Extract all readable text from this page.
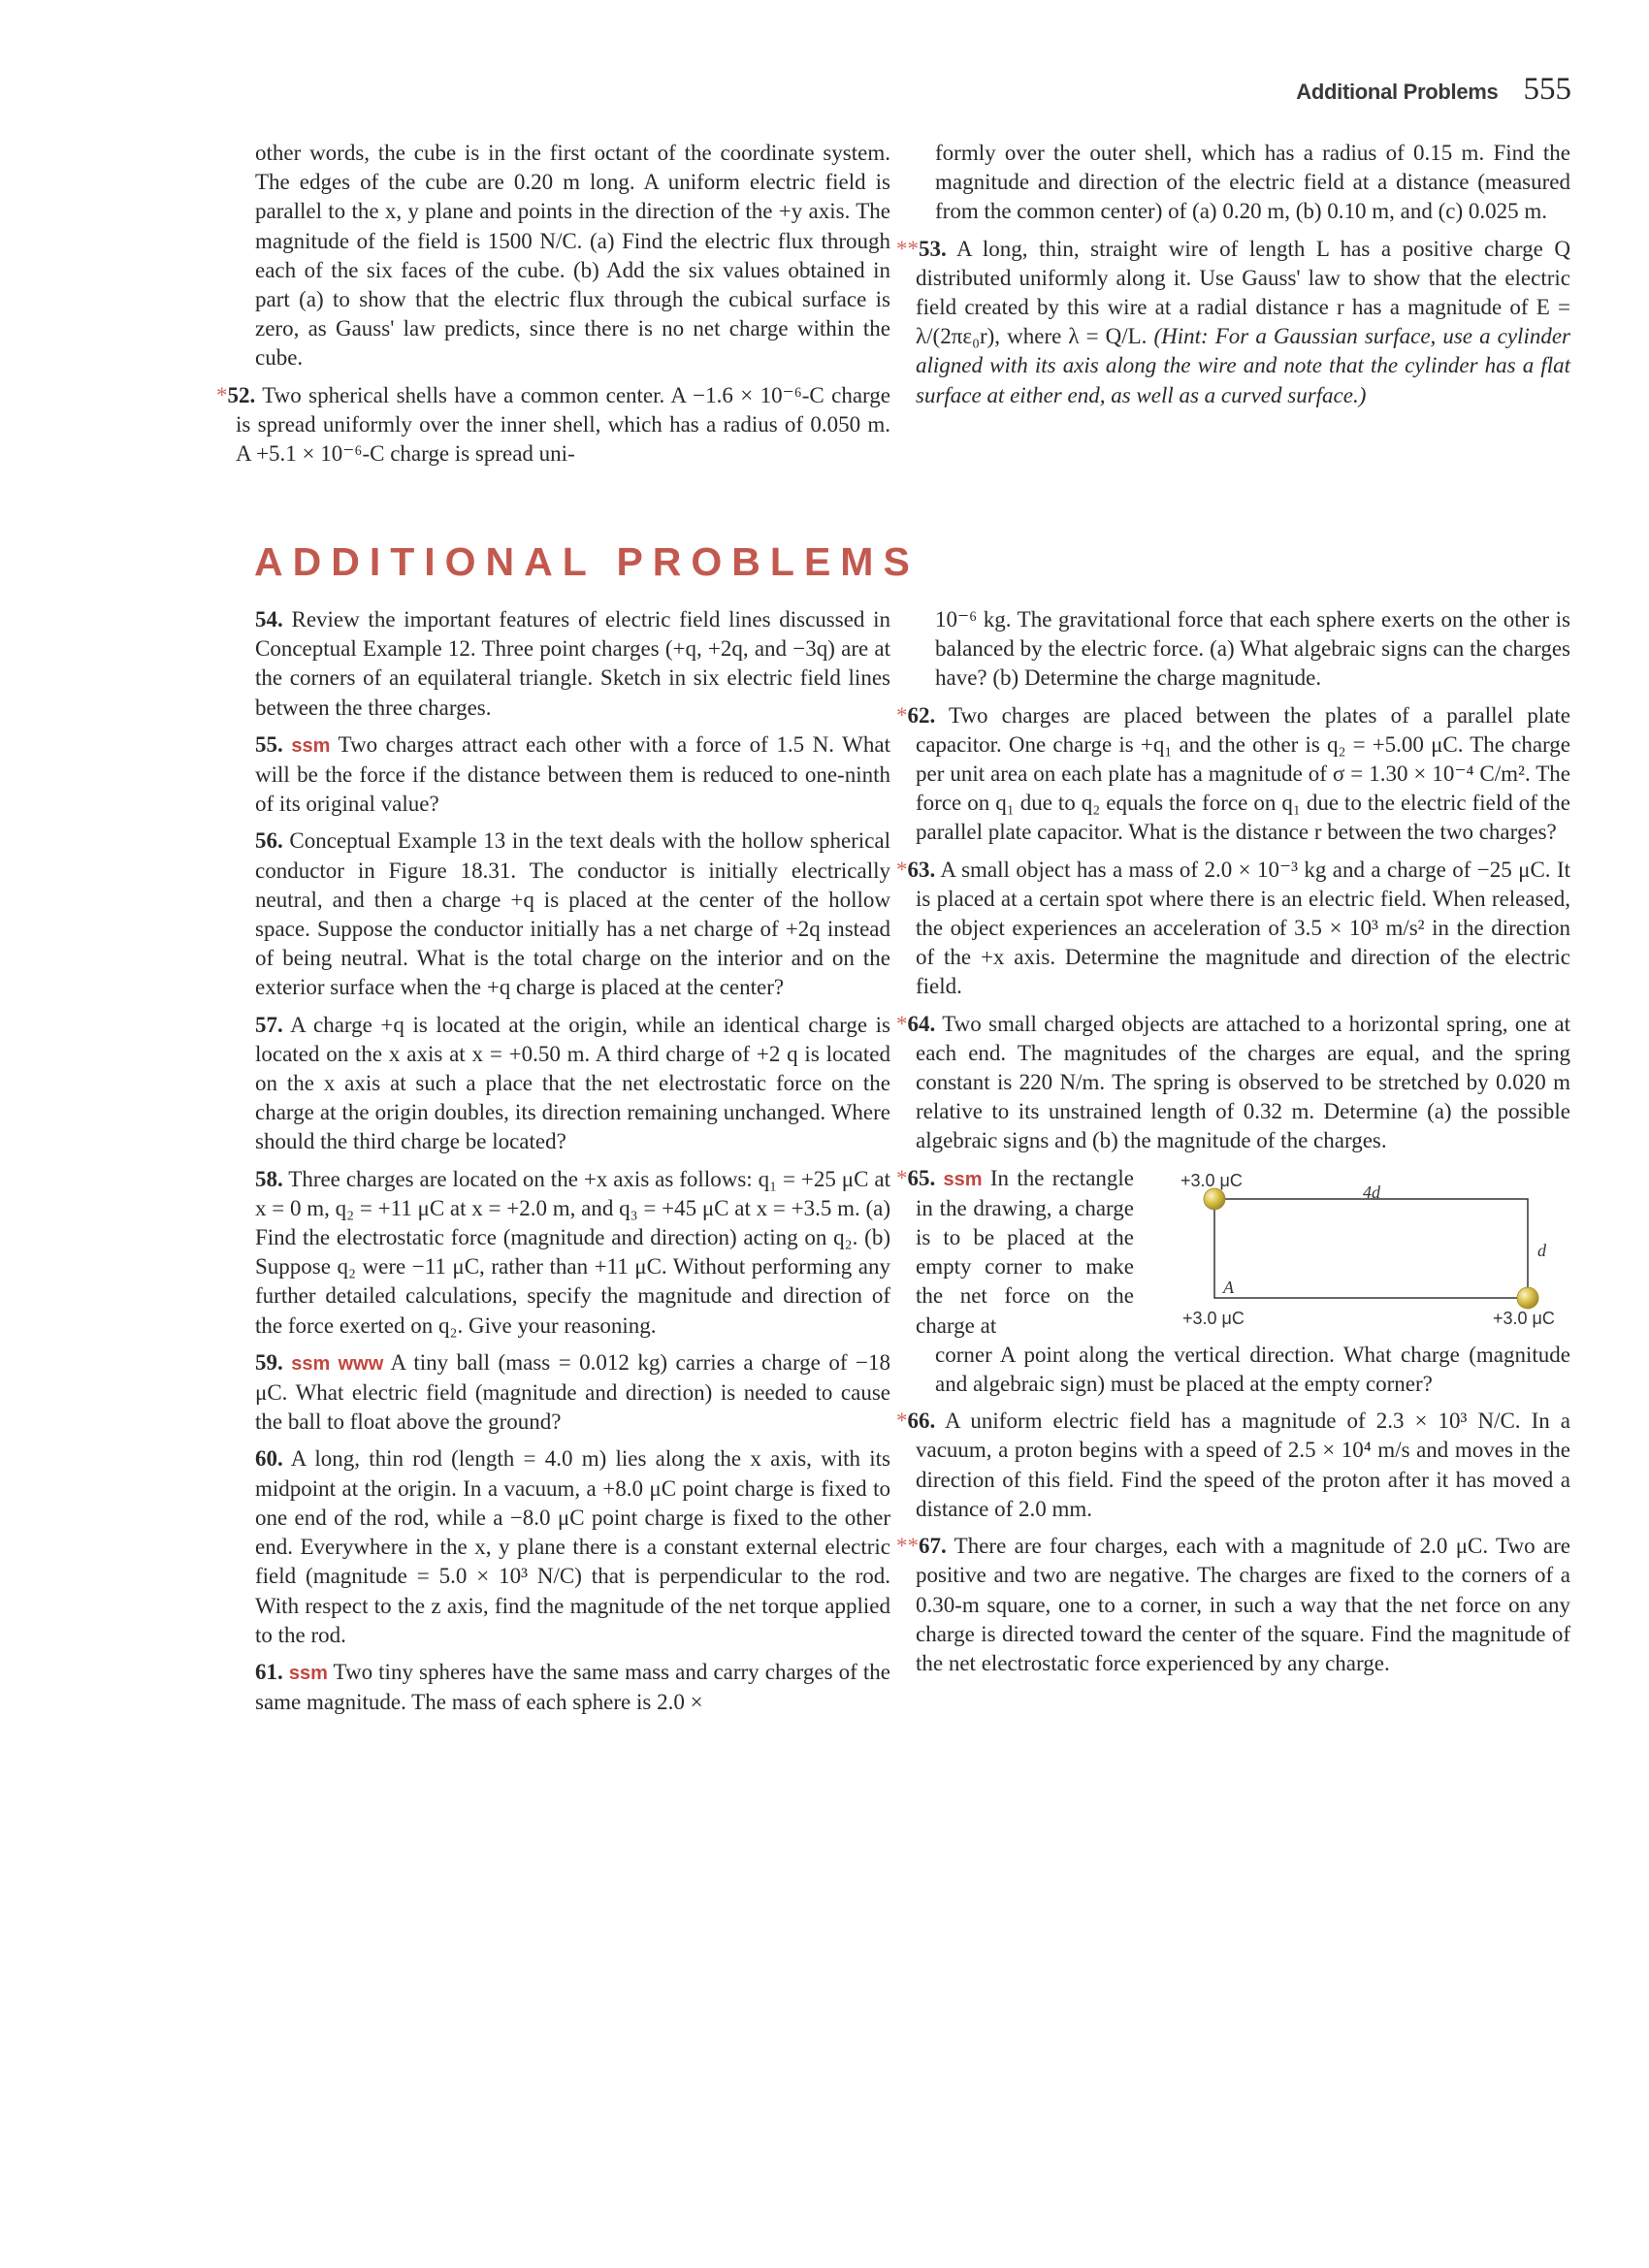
Additional Problems 555

other words, the cube is in the first octant of the coordinate system. The edges of the cube are 0.20 m long. A uniform electric field is parallel to the x, y plane and points in the direction of the +y axis. The magnitude of the field is 1500 N/C. (a) Find the electric flux through each of the six faces of the cube. (b) Add the six values obtained in part (a) to show that the electric flux through the cubical surface is zero, as Gauss' law predicts, since there is no net charge within the cube.

*52. Two spherical shells have a common center. A −1.6 × 10⁻⁶-C charge is spread uniformly over the inner shell, which has a radius of 0.050 m. A +5.1 × 10⁻⁶-C charge is spread uni-

formly over the outer shell, which has a radius of 0.15 m. Find the magnitude and direction of the electric field at a distance (measured from the common center) of (a) 0.20 m, (b) 0.10 m, and (c) 0.025 m.

**53. A long, thin, straight wire of length L has a positive charge Q distributed uniformly along it. Use Gauss' law to show that the electric field created by this wire at a radial distance r has a magnitude of E = λ/(2πε₀r), where λ = Q/L. (Hint: For a Gaussian surface, use a cylinder aligned with its axis along the wire and note that the cylinder has a flat surface at either end, as well as a curved surface.)

ADDITIONAL PROBLEMS

54. Review the important features of electric field lines discussed in Conceptual Example 12. Three point charges (+q, +2q, and −3q) are at the corners of an equilateral triangle. Sketch in six electric field lines between the three charges.

55. ssm Two charges attract each other with a force of 1.5 N. What will be the force if the distance between them is reduced to one-ninth of its original value?

56. Conceptual Example 13 in the text deals with the hollow spherical conductor in Figure 18.31. The conductor is initially electrically neutral, and then a charge +q is placed at the center of the hollow space. Suppose the conductor initially has a net charge of +2q instead of being neutral. What is the total charge on the interior and on the exterior surface when the +q charge is placed at the center?

57. A charge +q is located at the origin, while an identical charge is located on the x axis at x = +0.50 m. A third charge of +2 q is located on the x axis at such a place that the net electrostatic force on the charge at the origin doubles, its direction remaining unchanged. Where should the third charge be located?

58. Three charges are located on the +x axis as follows: q₁ = +25 μC at x = 0 m, q₂ = +11 μC at x = +2.0 m, and q₃ = +45 μC at x = +3.5 m. (a) Find the electrostatic force (magnitude and direction) acting on q₂. (b) Suppose q₂ were −11 μC, rather than +11 μC. Without performing any further detailed calculations, specify the magnitude and direction of the force exerted on q₂. Give your reasoning.

59. ssm www A tiny ball (mass = 0.012 kg) carries a charge of −18 μC. What electric field (magnitude and direction) is needed to cause the ball to float above the ground?

60. A long, thin rod (length = 4.0 m) lies along the x axis, with its midpoint at the origin. In a vacuum, a +8.0 μC point charge is fixed to one end of the rod, while a −8.0 μC point charge is fixed to the other end. Everywhere in the x, y plane there is a constant external electric field (magnitude = 5.0 × 10³ N/C) that is perpendicular to the rod. With respect to the z axis, find the magnitude of the net torque applied to the rod.

61. ssm Two tiny spheres have the same mass and carry charges of the same magnitude. The mass of each sphere is 2.0 ×

10⁻⁶ kg. The gravitational force that each sphere exerts on the other is balanced by the electric force. (a) What algebraic signs can the charges have? (b) Determine the charge magnitude.

*62. Two charges are placed between the plates of a parallel plate capacitor. One charge is +q₁ and the other is q₂ = +5.00 μC. The charge per unit area on each plate has a magnitude of σ = 1.30 × 10⁻⁴ C/m². The force on q₁ due to q₂ equals the force on q₁ due to the electric field of the parallel plate capacitor. What is the distance r between the two charges?

*63. A small object has a mass of 2.0 × 10⁻³ kg and a charge of −25 μC. It is placed at a certain spot where there is an electric field. When released, the object experiences an acceleration of 3.5 × 10³ m/s² in the direction of the +x axis. Determine the magnitude and direction of the electric field.

*64. Two small charged objects are attached to a horizontal spring, one at each end. The magnitudes of the charges are equal, and the spring constant is 220 N/m. The spring is observed to be stretched by 0.020 m relative to its unstrained length of 0.32 m. Determine (a) the possible algebraic signs and (b) the magnitude of the charges.

*65. ssm In the rectangle in the drawing, a charge is to be placed at the empty corner to make the net force on the charge at

corner A point along the vertical direction. What charge (magnitude and algebraic sign) must be placed at the empty corner?

+3.0 μC
4d
d
A
+3.0 μC	+3.0 μC

*66. A uniform electric field has a magnitude of 2.3 × 10³ N/C. In a vacuum, a proton begins with a speed of 2.5 × 10⁴ m/s and moves in the direction of this field. Find the speed of the proton after it has moved a distance of 2.0 mm.

**67. There are four charges, each with a magnitude of 2.0 μC. Two are positive and two are negative. The charges are fixed to the corners of a 0.30-m square, one to a corner, in such a way that the net force on any charge is directed toward the center of the square. Find the magnitude of the net electrostatic force experienced by any charge.
